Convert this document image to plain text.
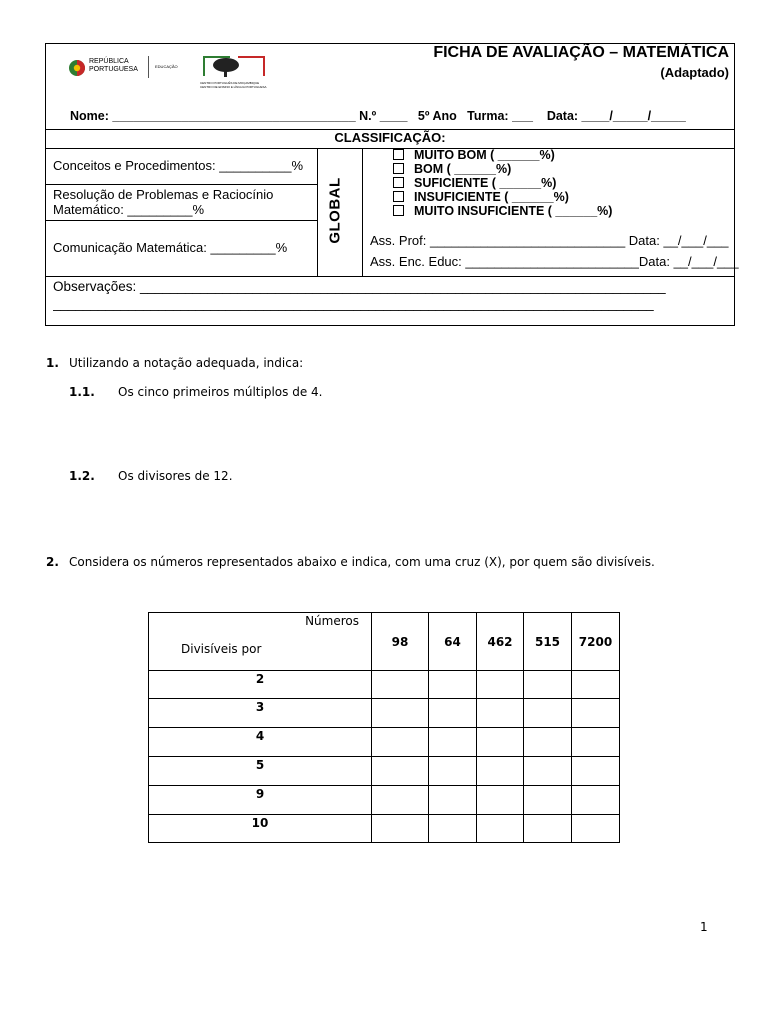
REPÚBLICA PORTUGUESA	EDUCAÇÃO
CENTRO PORTUGUÊS DE MOÇAMBIQUE
CENTRO DE ENSINO E LÍNGUA PORTUGUESA
FICHA DE AVALIAÇÃO – MATEMÁTICA
(Adaptado)
Nome: ___________________________________ N.º ____   5º Ano   Turma: ___    Data: ____/_____/_____
CLASSIFICAÇÃO:
Conceitos e Procedimentos: __________%
Resolução de Problemas e Raciocínio Matemático: _________%
Comunicação Matemática: _________%
GLOBAL
MUITO BOM ( ______%)
BOM ( ______%)
SUFICIENTE ( ______%)
INSUFICIENTE ( ______%)
MUITO INSUFICIENTE ( ______%)
Ass. Prof: ___________________________ Data: __/___/___
Ass. Enc. Educ: ________________________Data: __/___/___
Observações: ______________________________________________________________________
________________________________________________________________________________
1. Utilizando a notação adequada, indica:
1.1. Os cinco primeiros múltiplos de 4.
1.2. Os divisores de 12.
2. Considera os números representados abaixo e indica, com uma cruz (X), por quem são divisíveis.
Números
Divisíveis por	98	64	462	515	7200
2					
3					
4					
5					
9					
10					
1
